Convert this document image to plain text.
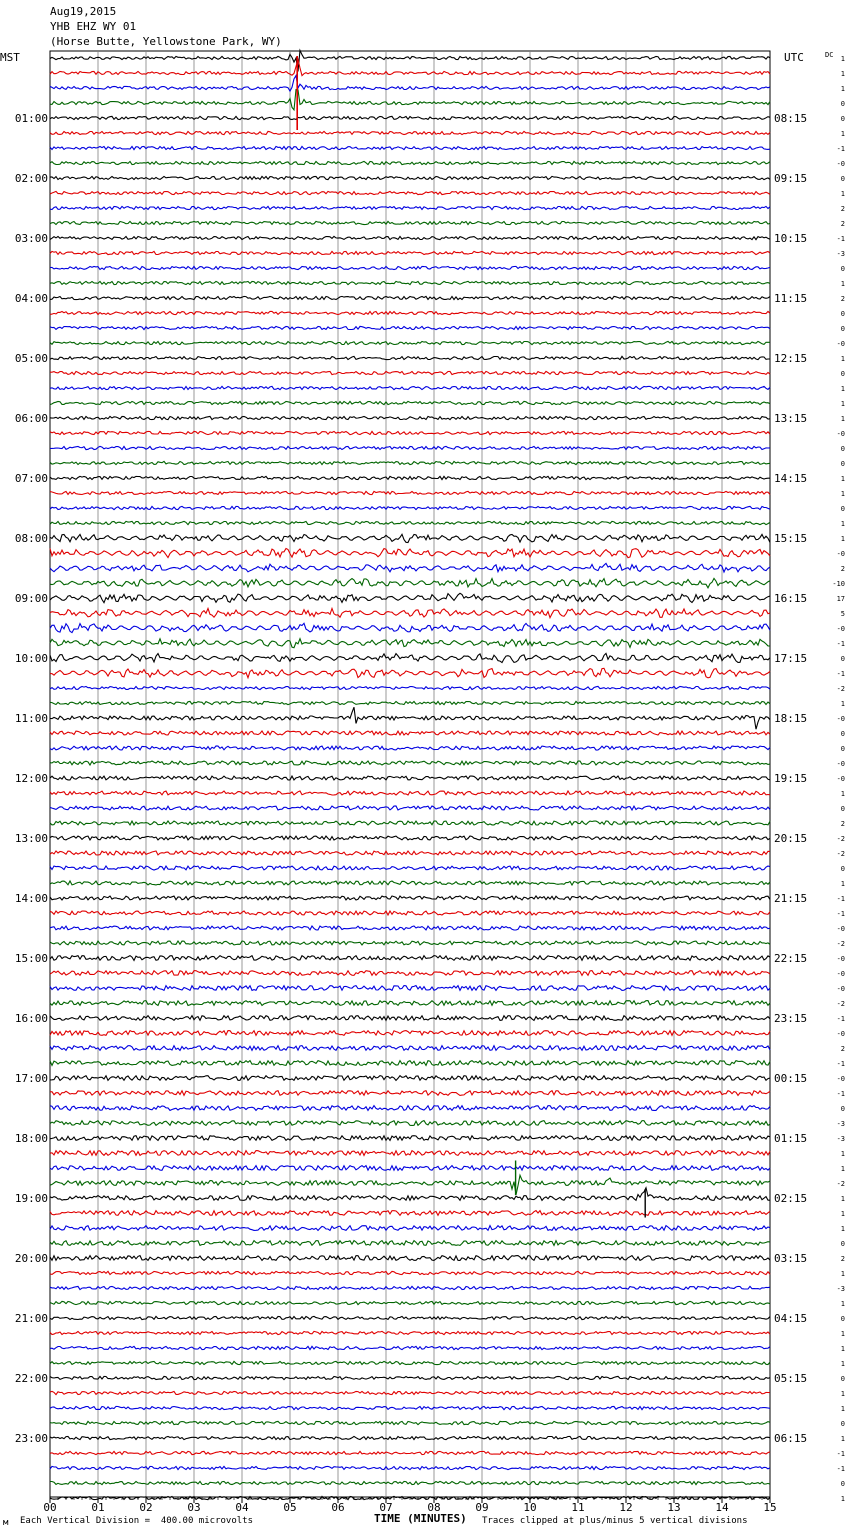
Aug19,2015
YHB EHZ WY 01
(Horse Butte, Yellowstone Park, WY)
1
1
1
0
0
1
-1
-0
0
1
2
2
-1
-3
0
1
2
0
0
-0
1
0
1
1
1
-0
0
0
1
1
0
1
1
-0
2
-10
17
5
-0
-1
0
-1
-2
1
-0
0
0
-0
-0
1
0
2
-2
-2
0
1
-1
-1
-0
-2
-0
-0
-0
-2
-1
-0
2
-1
-0
-1
0
-3
-3
1
1
-2
1
1
1
0
2
1
-3
1
0
1
1
1
0
1
1
0
1
-1
-1
0
1
MST
01:00
02:00
03:00
04:00
05:00
06:00
07:00
08:00
09:00
10:00
11:00
12:00
13:00
14:00
15:00
16:00
17:00
18:00
19:00
20:00
21:00
22:00
23:00
UTC	DC
08:15
09:15
10:15
11:15
12:15
13:15
14:15
15:15
16:15
17:15
18:15
19:15
20:15
21:15
22:15
23:15
00:15
01:15
02:15
03:15
04:15
05:15
06:15
00	01	02	03	04	05	06	07	08	09	10	11	12	13	14	15
м Each Vertical Division =  400.00 microvolts	TIME (MINUTES) Traces clipped at plus/minus 5 vertical divisions
